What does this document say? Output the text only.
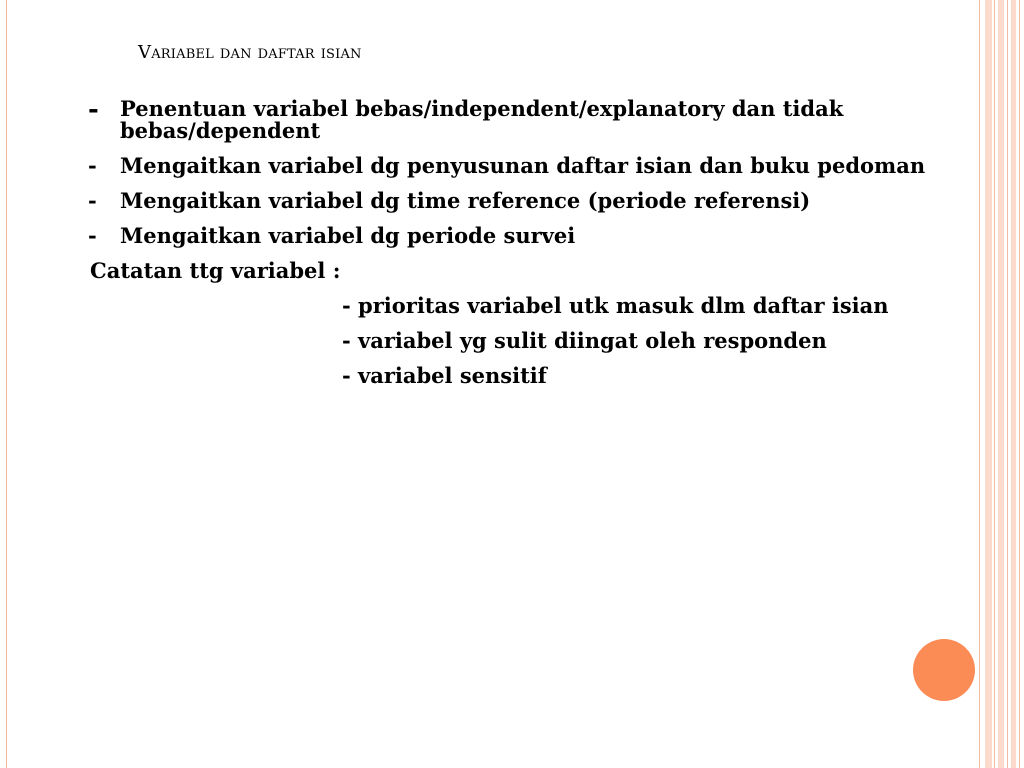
Variabel dan daftar isian
- Penentuan variabel bebas/independent/explanatory dan tidak bebas/dependent
- Mengaitkan variabel dg penyusunan daftar isian dan buku pedoman
- Mengaitkan variabel dg time reference (periode referensi)
- Mengaitkan variabel dg periode survei
Catatan ttg variabel :
- prioritas variabel utk masuk dlm daftar isian
- variabel yg sulit diingat oleh responden
- variabel sensitif
